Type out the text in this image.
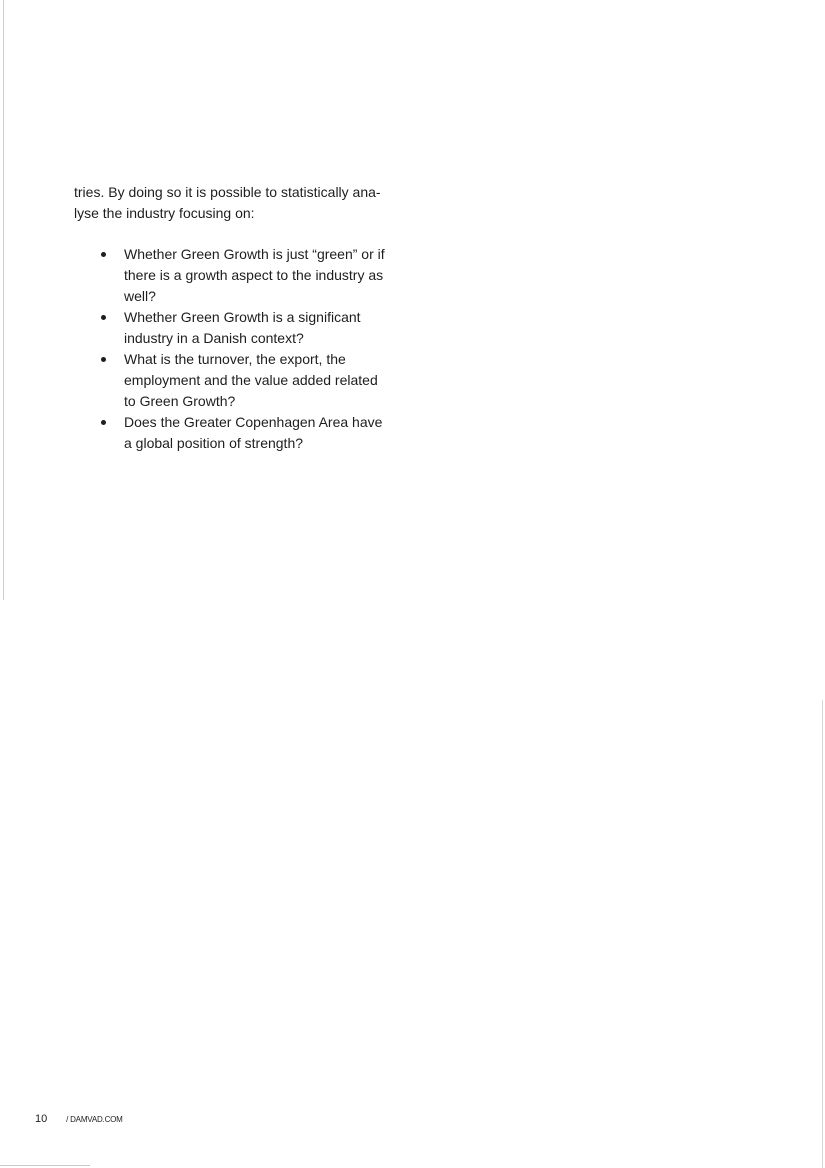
tries. By doing so it is possible to statistically ana-
lyse the industry focusing on:

Whether Green Growth is just “green” or if there is a growth aspect to the industry as well?
Whether Green Growth is a significant industry in a Danish context?
What is the turnover, the export, the employment and the value added related to Green Growth?
Does the Greater Copenhagen Area have a global position of strength?
10 / DAMVAD.COM
